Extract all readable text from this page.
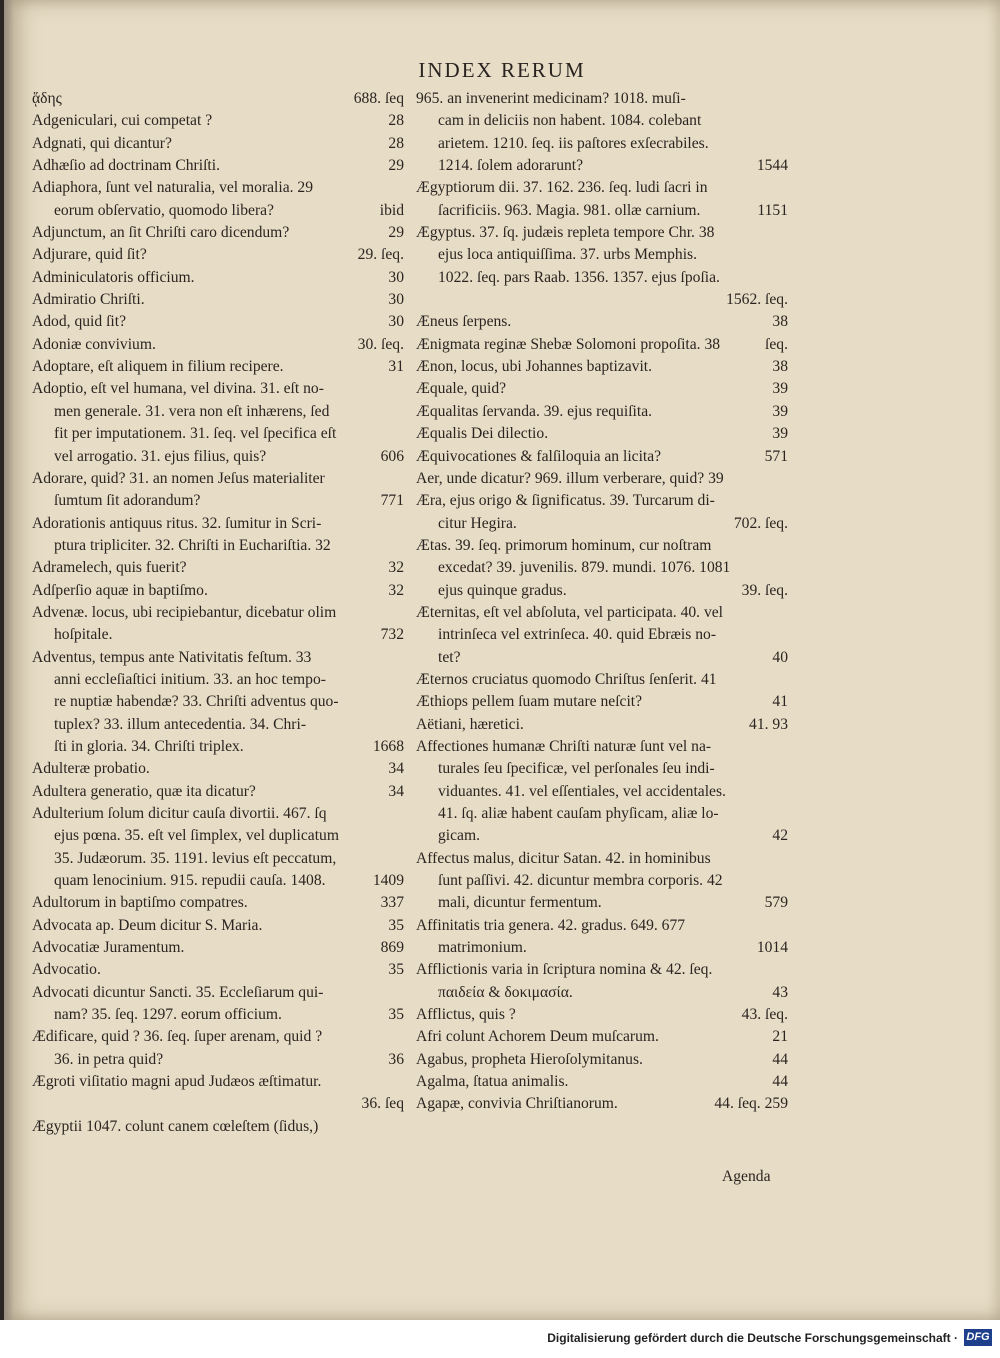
INDEX RERUM
688. ſeq
ᾅδης
28
Adgeniculari, cui competat ?
28
Adgnati, qui dicantur?
29
Adhæſio ad doctrinam Chriſti.
Adiaphora, ſunt vel naturalia, vel moralia. 29
ibid
eorum obſervatio, quomodo libera?
29
Adjunctum, an ſit Chriſti caro dicendum?
29. ſeq.
Adjurare, quid ſit?
30
Adminiculatoris officium.
30
Admiratio Chriſti.
30
Adod, quid ſit?
30. ſeq.
Adoniæ convivium.
31
Adoptare, eſt aliquem in filium recipere.
Adoptio, eſt vel humana, vel divina. 31. eſt no-
men generale. 31. vera non eſt inhærens, ſed
fit per imputationem. 31. ſeq. vel ſpecifica eſt
606
vel arrogatio. 31. ejus filius, quis?
Adorare, quid? 31. an nomen Jeſus materialiter
771
ſumtum ſit adorandum?
Adorationis antiquus ritus. 32. ſumitur in Scri-
ptura tripliciter. 32. Chriſti in Euchariſtia. 32
32
Adramelech, quis fuerit?
32
Adſperſio aquæ in baptiſmo.
Advenæ. locus, ubi recipiebantur, dicebatur olim
732
hoſpitale.
Adventus, tempus ante Nativitatis feſtum. 33
anni eccleſiaſtici initium. 33. an hoc tempo-
re nuptiæ habendæ? 33. Chriſti adventus quo-
tuplex? 33. illum antecedentia. 34. Chri-
1668
ſti in gloria. 34. Chriſti triplex.
34
Adulteræ probatio.
34
Adultera generatio, quæ ita dicatur?
Adulterium ſolum dicitur cauſa divortii. 467. ſq
ejus pœna. 35. eſt vel ſimplex, vel duplicatum
35. Judæorum. 35. 1191. levius eſt peccatum,
1409
quam lenocinium. 915. repudii cauſa. 1408.
337
Adultorum in baptiſmo compatres.
35
Advocata ap. Deum dicitur S. Maria.
869
Advocatiæ Juramentum.
35
Advocatio.
Advocati dicuntur Sancti. 35. Eccleſiarum qui-
35
nam? 35. ſeq. 1297. eorum officium.
Ædificare, quid ? 36. ſeq. ſuper arenam, quid ?
36
36. in petra quid?
Ægroti viſitatio magni apud Judæos æſtimatur.
36. ſeq
Ægyptii 1047. colunt canem cœleſtem (ſidus,)
965. an invenerint medicinam? 1018. muſi-
cam in deliciis non habent. 1084. colebant
arietem. 1210. ſeq. iis paſtores exſecrabiles.
1544
1214. ſolem adorarunt?
Ægyptiorum dii. 37. 162. 236. ſeq. ludi ſacri in
1151
ſacrificiis. 963. Magia. 981. ollæ carnium.
Ægyptus. 37. ſq. judæis repleta tempore Chr. 38
ejus loca antiquiſſima. 37. urbs Memphis.
1022. ſeq. pars Raab. 1356. 1357. ejus ſpoſia.
1562. ſeq.
38
Æneus ſerpens.
ſeq.
Ænigmata reginæ Shebæ Solomoni propoſita. 38
38
Ænon, locus, ubi Johannes baptizavit.
39
Æquale, quid?
39
Æqualitas ſervanda. 39. ejus requiſita.
39
Æqualis Dei dilectio.
571
Æquivocationes & falſiloquia an licita?
Aer, unde dicatur? 969. illum verberare, quid? 39
Æra, ejus origo & ſignificatus. 39. Turcarum di-
702. ſeq.
citur Hegira.
Ætas. 39. ſeq. primorum hominum, cur noſtram
excedat? 39. juvenilis. 879. mundi. 1076. 1081
39. ſeq.
ejus quinque gradus.
Æternitas, eſt vel abſoluta, vel participata. 40. vel
intrinſeca vel extrinſeca. 40. quid Ebræis no-
40
tet?
Æternos cruciatus quomodo Chriſtus ſenſerit. 41
41
Æthiops pellem ſuam mutare neſcit?
41. 93
Aëtiani, hæretici.
Affectiones humanæ Chriſti naturæ ſunt vel na-
turales ſeu ſpecificæ, vel perſonales ſeu indi-
viduantes. 41. vel eſſentiales, vel accidentales.
41. ſq. aliæ habent cauſam phyſicam, aliæ lo-
42
gicam.
Affectus malus, dicitur Satan. 42. in hominibus
ſunt paſſivi. 42. dicuntur membra corporis. 42
579
mali, dicuntur fermentum.
Affinitatis tria genera. 42. gradus. 649. 677
1014
matrimonium.
Afflictionis varia in ſcriptura nomina & 42. ſeq.
43
παιδεία & δοκιμασία.
43. ſeq.
Afflictus, quis ?
21
Afri colunt Achorem Deum muſcarum.
44
Agabus, propheta Hieroſolymitanus.
44
Agalma, ſtatua animalis.
44. ſeq. 259
Agapæ, convivia Chriſtianorum.
Agenda
Digitalisierung gefördert durch die Deutsche Forschungsgemeinschaft · DFG
